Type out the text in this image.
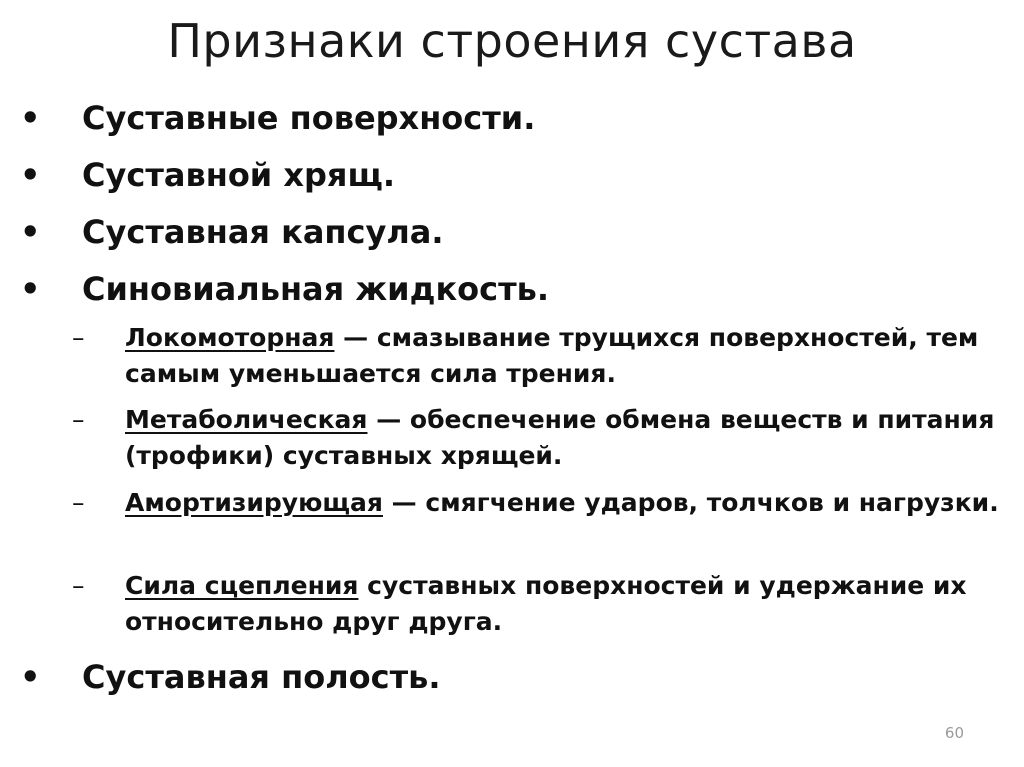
Признаки строения сустава
•	Суставные поверхности.
•	Суставной хрящ.
•	Суставная капсула.
•	Синовиальная жидкость.
–	Локомоторная — смазывание трущихся поверхностей, тем самым уменьшается сила трения.
–	Метаболическая — обеспечение обмена веществ и питания (трофики) суставных хрящей.
–	Амортизирующая — смягчение ударов, толчков и нагрузки.
–	Сила сцепления суставных поверхностей и удержание их относительно друг друга.
•	Суставная полость.
60
